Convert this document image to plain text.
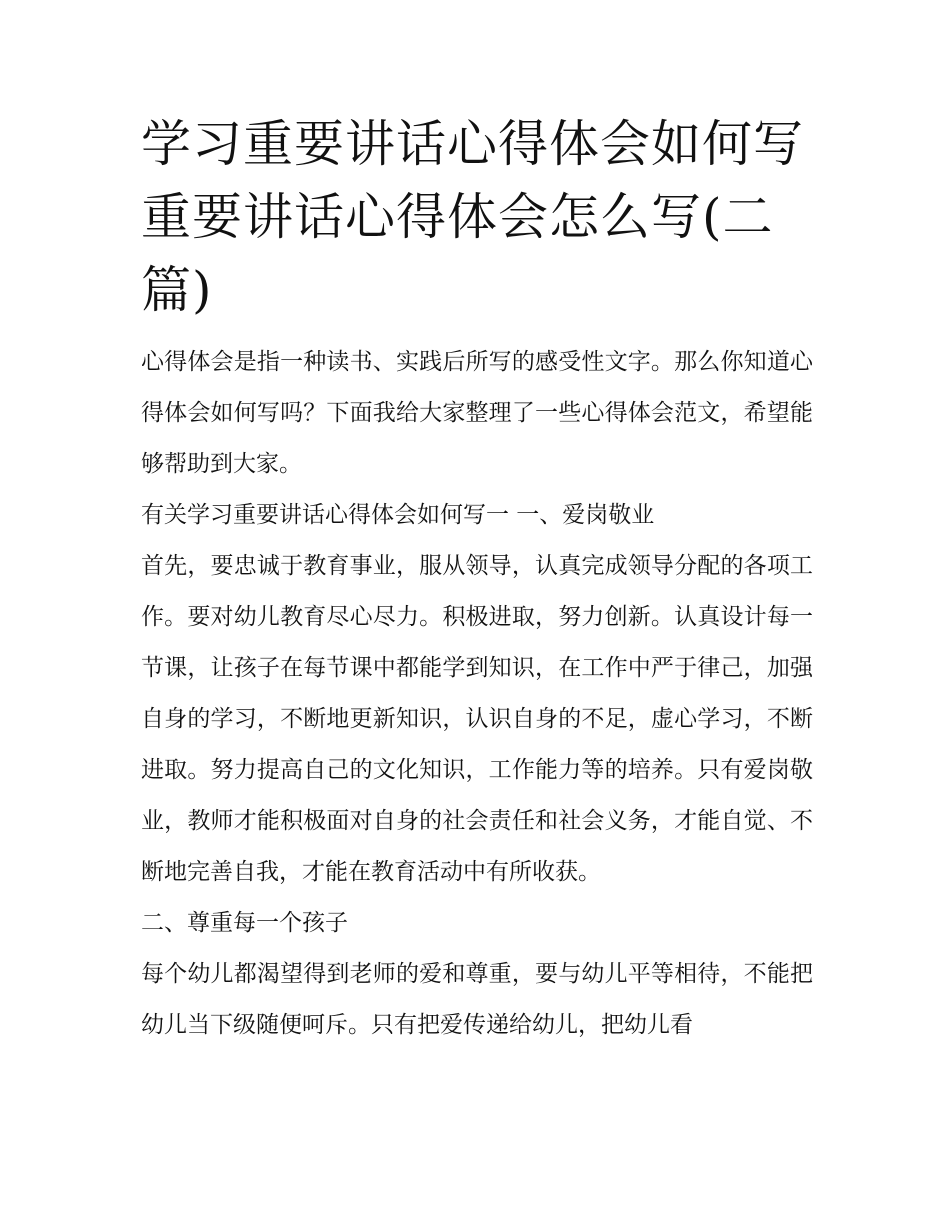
学习重要讲话心得体会如何写重要讲话心得体会怎么写(二篇)

心得体会是指一种读书、实践后所写的感受性文字。那么你知道心得体会如何写吗？下面我给大家整理了一些心得体会范文，希望能够帮助到大家。

有关学习重要讲话心得体会如何写一 一、爱岗敬业

首先，要忠诚于教育事业，服从领导，认真完成领导分配的各项工作。要对幼儿教育尽心尽力。积极进取，努力创新。认真设计每一节课，让孩子在每节课中都能学到知识，在工作中严于律己，加强自身的学习，不断地更新知识，认识自身的不足，虚心学习，不断进取。努力提高自己的文化知识，工作能力等的培养。只有爱岗敬业，教师才能积极面对自身的社会责任和社会义务，才能自觉、不断地完善自我，才能在教育活动中有所收获。

二、尊重每一个孩子

每个幼儿都渴望得到老师的爱和尊重，要与幼儿平等相待，不能把幼儿当下级随便呵斥。只有把爱传递给幼儿，把幼儿看
